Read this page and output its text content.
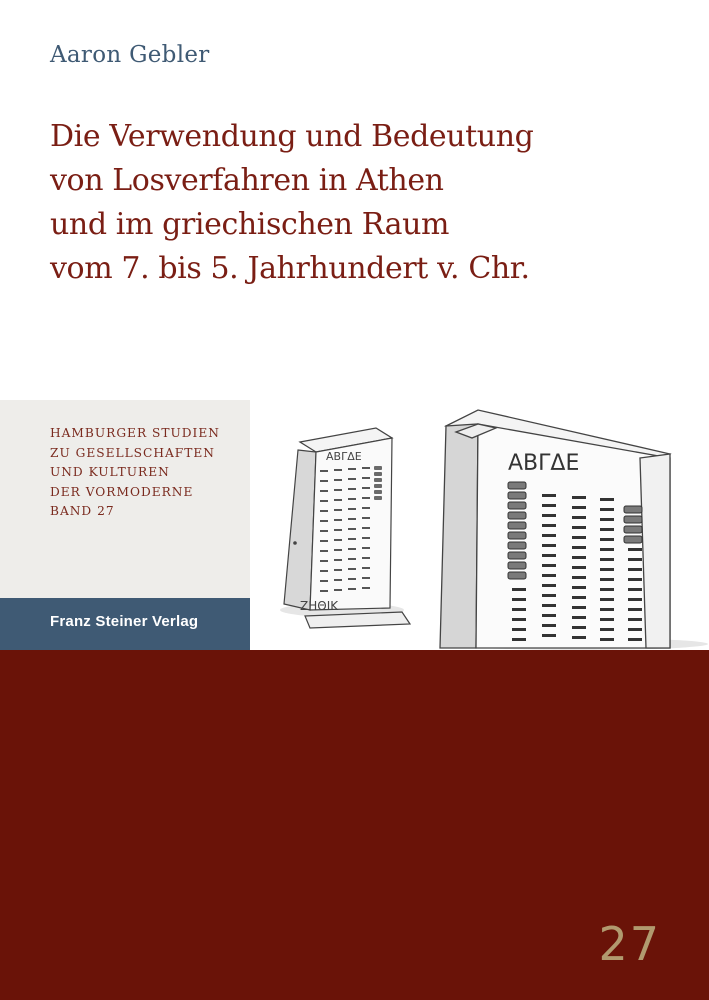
Aaron Gebler
Die Verwendung und Bedeutung
von Losverfahren in Athen
und im griechischen Raum
vom 7. bis 5. Jahrhundert v. Chr.
HAMBURGER STUDIEN
ZU GESELLSCHAFTEN
UND KULTUREN
DER VORMODERNE
BAND 27
Franz Steiner Verlag
ΑΒΓΔΕ
ΖΗΘΙΚ
ΑΒΓΔΕ
27
